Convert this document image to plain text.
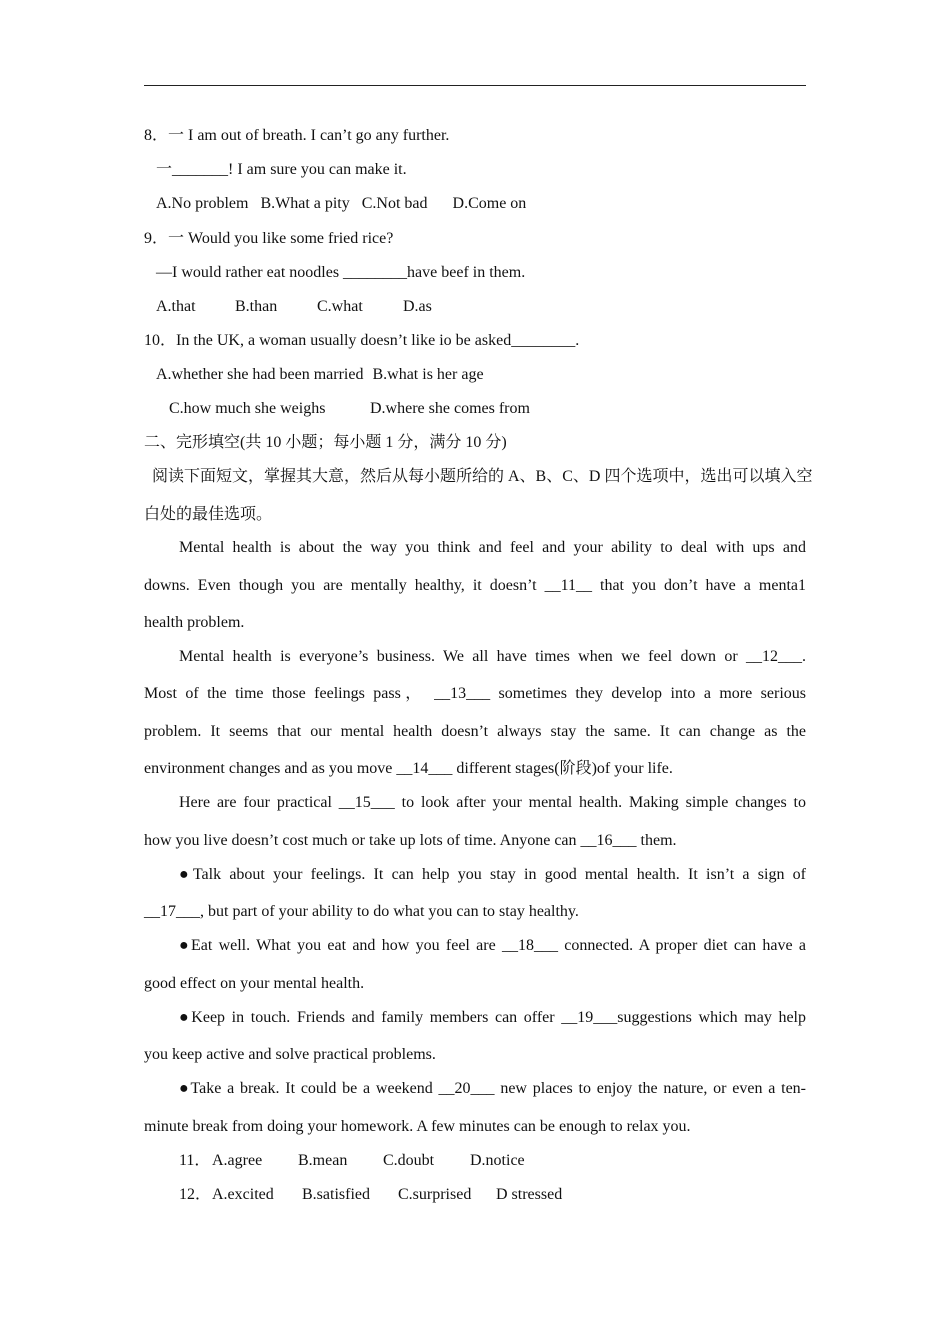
8．一 I am out of breath. I can’t go any further.
一_______! I am sure you can make it.
A.No problem B.What a pity C.Not bad D.Come on
9．一 Would you like some fried rice?
—I would rather eat noodles ________have beef in them.
A.that B.than C.what	D.as
10．In the UK, a woman usually doesn’t like io be asked________.
A.whether she had been married B.what is her age
C.how much she weighs	D.where she comes from
二、完形填空(共 10 小题；每小题 1 分，满分 10 分)
阅读下面短文，掌握其大意，然后从每小题所给的 A、B、C、D 四个选项中，选出可以填入空
白处的最佳选项。
Mental health is about the way you think and feel and your ability to deal with ups and
downs. Even though you are mentally healthy, it doesn’t __11__ that you don’t have a menta1
health problem.
Mental health is everyone’s business. We all have times when we feel down or __12___.
Most of the time those feelings pass， __13___ sometimes they develop into a more serious
problem. It seems that our mental health doesn’t always stay the same. It can change as the
environment changes and as you move __14___ different stages(阶段)of your life.
Here are four practical __15___ to look after your mental health. Making simple changes to
how you live doesn’t cost much or take up lots of time. Anyone can __16___ them.
●Talk about your feelings. It can help you stay in good mental health. It isn’t a sign of
__17___, but part of your ability to do what you can to stay healthy.
●Eat well. What you eat and how you feel are __18___ connected. A proper diet can have a
good effect on your mental health.
●Keep in touch. Friends and family members can offer __19___suggestions which may help
you keep active and solve practical problems.
●Take a break. It could be a weekend __20___ new places to enjoy the nature, or even a ten-
minute break from doing your homework. A few minutes can be enough to relax you.
11．A.agree B.mean C.doubt D.notice
12．A.excited B.satisfied C.surprised D stressed
